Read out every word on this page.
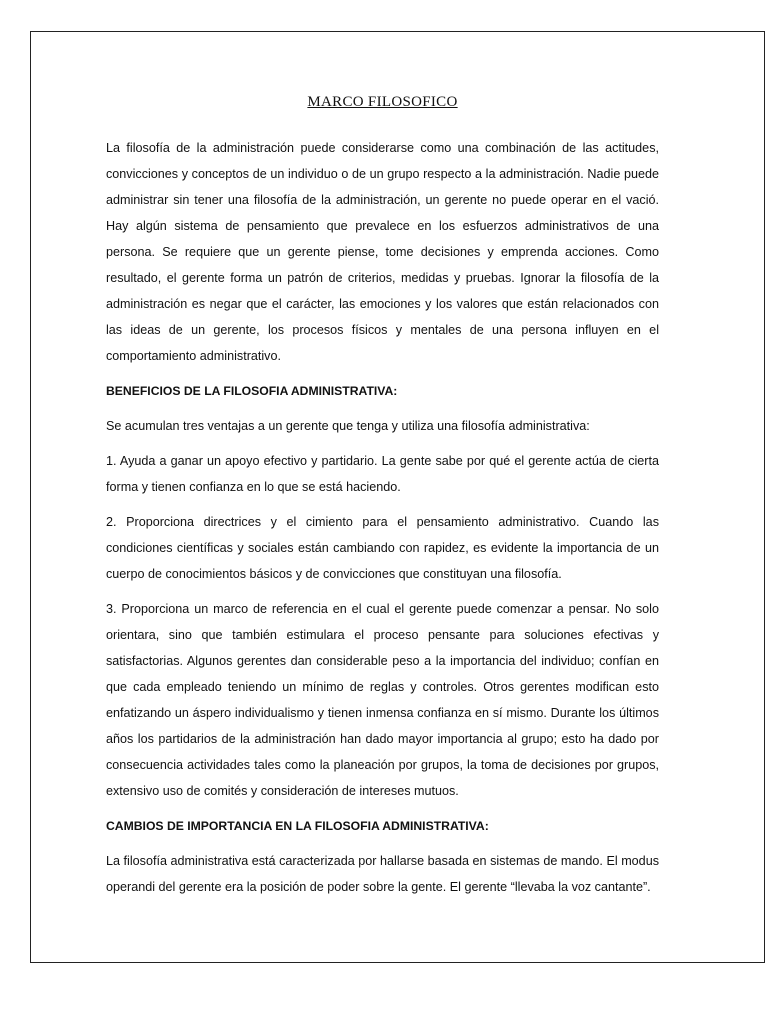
MARCO FILOSOFICO

La filosofía de la administración puede considerarse como una combinación de las actitudes, convicciones y conceptos de un individuo o de un grupo respecto a la administración. Nadie puede administrar sin tener una filosofía de la administración, un gerente no puede operar en el vació. Hay algún sistema de pensamiento que prevalece en los esfuerzos administrativos de una persona. Se requiere que un gerente piense, tome decisiones y emprenda acciones. Como resultado, el gerente forma un patrón de criterios, medidas y pruebas. Ignorar la filosofía de la administración es negar que el carácter, las emociones y los valores que están relacionados con las ideas de un gerente, los procesos físicos y mentales de una persona influyen en el comportamiento administrativo.

BENEFICIOS DE LA FILOSOFIA ADMINISTRATIVA:

Se acumulan tres ventajas a un gerente que tenga y utiliza una filosofía administrativa:

1. Ayuda a ganar un apoyo efectivo y partidario. La gente sabe por qué el gerente actúa de cierta forma y tienen confianza en lo que se está haciendo.

2. Proporciona directrices y el cimiento para el pensamiento administrativo. Cuando las condiciones científicas y sociales están cambiando con rapidez, es evidente la importancia de un cuerpo de conocimientos básicos y de convicciones que constituyan una filosofía.

3. Proporciona un marco de referencia en el cual el gerente puede comenzar a pensar. No solo orientara, sino que también estimulara el proceso pensante para soluciones efectivas y satisfactorias. Algunos gerentes dan considerable peso a la importancia del individuo; confían en que cada empleado teniendo un mínimo de reglas y controles. Otros gerentes modifican esto enfatizando un áspero individualismo y tienen inmensa confianza en sí mismo. Durante los últimos años los partidarios de la administración han dado mayor importancia al grupo; esto ha dado por consecuencia actividades tales como la planeación por grupos, la toma de decisiones por grupos, extensivo uso de comités y consideración de intereses mutuos.

CAMBIOS DE IMPORTANCIA EN LA FILOSOFIA ADMINISTRATIVA:

La filosofía administrativa está caracterizada por hallarse basada en sistemas de mando. El modus operandi del gerente era la posición de poder sobre la gente. El gerente “llevaba la voz cantante”.
